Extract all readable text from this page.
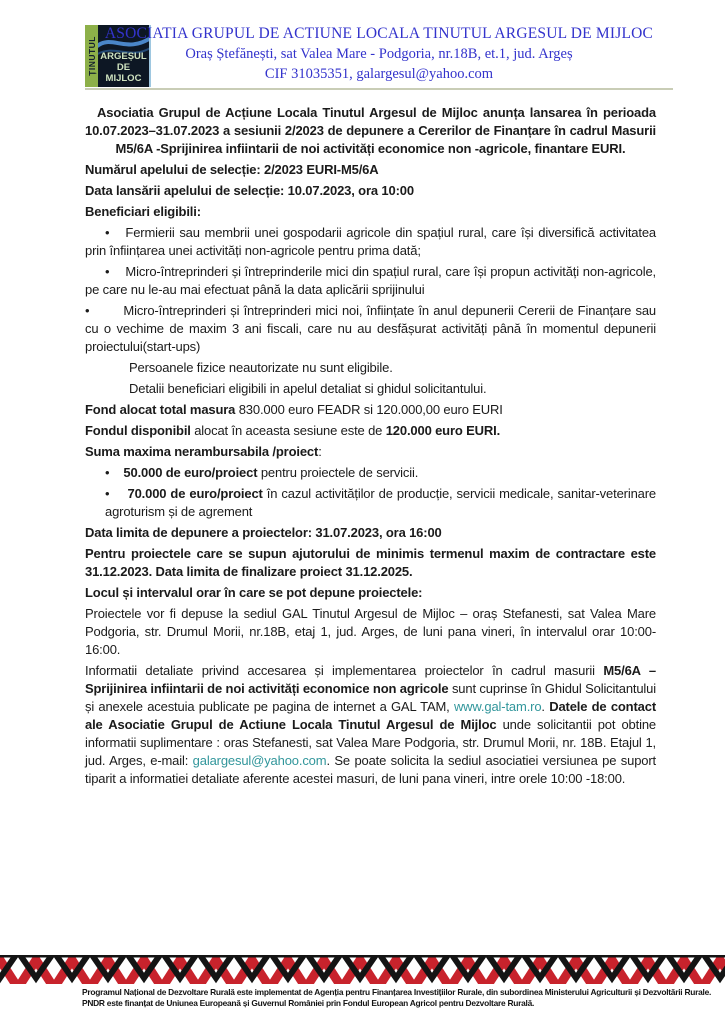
ȚINUTUL ARGEȘUL
DE MIJLOC
ASOCIATIA GRUPUL DE ACTIUNE LOCALA TINUTUL ARGESUL DE MIJLOC
Oraș Ștefănești, sat Valea Mare - Podgoria, nr.18B, et.1, jud. Argeș
CIF 31035351, galargesul@yahoo.com

Asociatia Grupul de Acțiune Locala Tinutul Argesul de Mijloc anunța lansarea în perioada 10.07.2023–31.07.2023 a sesiunii 2/2023 de depunere a Cererilor de Finanțare în cadrul Masurii M5/6A -Sprijinirea infiintarii de noi activități economice non -agricole, finantare EURI.

Numărul apelului de selecție: 2/2023 EURI-M5/6A

Data lansării apelului de selecție: 10.07.2023, ora 10:00

Beneficiari eligibili:

• Fermierii sau membrii unei gospodarii agricole din spațiul rural, care își diversifică activitatea prin înființarea unei activități non-agricole pentru prima dată;

• Micro-întreprinderi și întreprinderile mici din spațiul rural, care își propun activități non-agricole, pe care nu le-au mai efectuat până la data aplicării sprijinului

•	Micro-întreprinderi și întreprinderi mici noi, înființate în anul depunerii Cererii de Finanțare sau cu o vechime de maxim 3 ani fiscali, care nu au desfășurat activități până în momentul depunerii proiectului(start-ups)

Persoanele fizice neautorizate nu sunt eligibile.

Detalii beneficiari eligibili in apelul detaliat si ghidul solicitantului.

Fond alocat total masura 830.000 euro FEADR si 120.000,00 euro EURI

Fondul disponibil alocat în aceasta sesiune este de 120.000 euro EURI.

Suma maxima nerambursabila /proiect:

• 50.000 de euro/proiect pentru proiectele de servicii.

• 70.000 de euro/proiect în cazul activităților de producție, servicii medicale, sanitar-veterinare agroturism și de agrement

Data limita de depunere a proiectelor: 31.07.2023, ora 16:00

Pentru proiectele care se supun ajutorului de minimis termenul maxim de contractare este 31.12.2023. Data limita de finalizare proiect 31.12.2025.

Locul și intervalul orar în care se pot depune proiectele:

Proiectele vor fi depuse la sediul GAL Tinutul Argesul de Mijloc – oraș Stefanesti, sat Valea Mare Podgoria, str. Drumul Morii, nr.18B, etaj 1, jud. Arges, de luni pana vineri, în intervalul orar 10:00-16:00.

Informatii detaliate privind accesarea și implementarea proiectelor în cadrul masurii M5/6A – Sprijinirea infiintarii de noi activități economice non agricole sunt cuprinse în Ghidul Solicitantului și anexele acestuia publicate pe pagina de internet a GAL TAM, www.gal-tam.ro. Datele de contact ale Asociatie Grupul de Actiune Locala Tinutul Argesul de Mijloc unde solicitantii pot obtine informatii suplimentare : oras Stefanesti, sat Valea Mare Podgoria, str. Drumul Morii, nr. 18B. Etajul 1, jud. Arges, e-mail: galargesul@yahoo.com. Se poate solicita la sediul asociatiei versiunea pe suport tiparit a informatiei detaliate aferente acestei masuri, de luni pana vineri, intre orele 10:00 -18:00.

Programul Național de Dezvoltare Rurală este implementat de Agenția pentru Finanțarea Investițiilor Rurale, din subordinea Ministerului Agriculturii și Dezvoltării Rurale.
PNDR este finanțat de Uniunea Europeană și Guvernul României prin Fondul European Agricol pentru Dezvoltare Rurală.
